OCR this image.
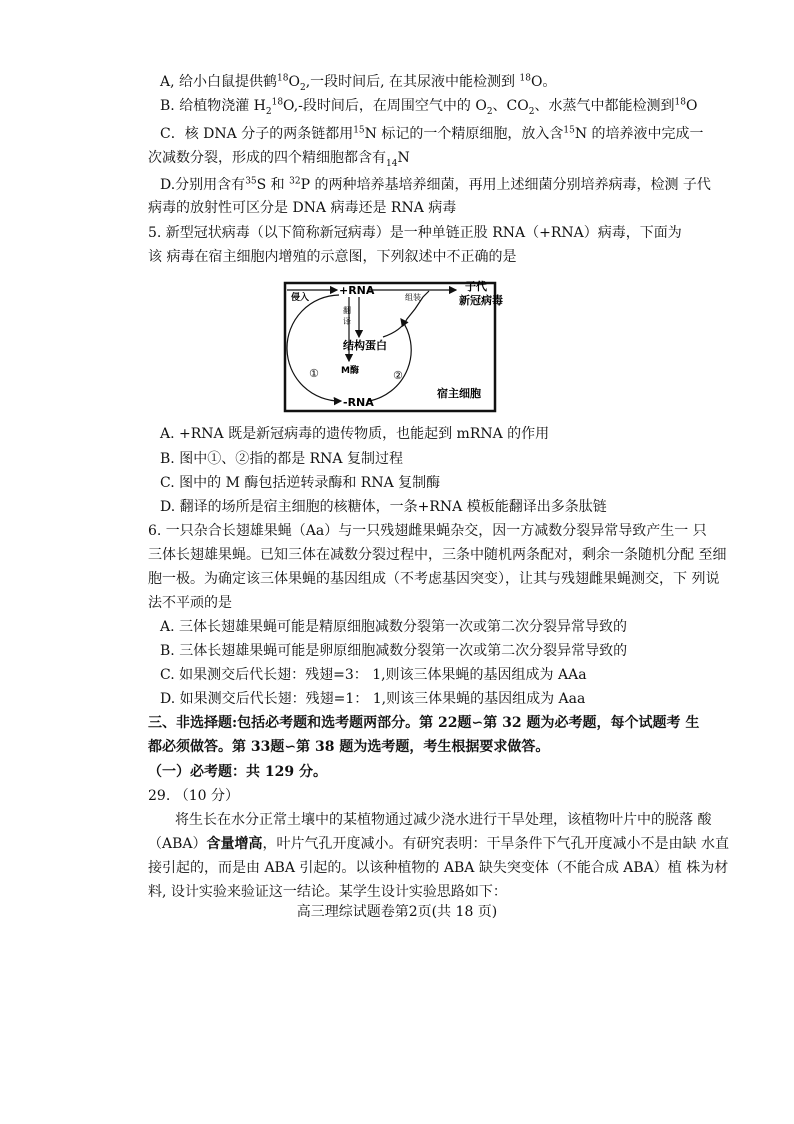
A, 给小白鼠提供鹤$^{18}O_2$,一段时间后, 在其尿液中能检测到 $^{18}$O。
B. 给植物浇灌 $H_2^{18}O,-$段时间后，在周围空气中的 $O_2$、$CO_2$、水蒸气中都能检测到$^{18}$O
C．核 DNA 分子的两条链都用$^{15}$N 标记的一个精原细胞，放入含$^{15}$N 的培养液中完成一
次减数分裂，形成的四个精细胞都含有$_{14}$N
D.分别用含有$^{35}$S 和 $^{32}$P 的两种培养基培养细菌，再用上述细菌分别培养病毒，检测 子代
病毒的放射性可区分是 DNA 病毒还是 RNA 病毒
5. 新型冠状病毒（以下简称新冠病毒）是一种单链正股 RNA（+RNA）病毒，下面为
该 病毒在宿主细胞内增殖的示意图，下列叙述中不正确的是
侵入
+RNA
组装
子代
新冠病毒
翻
译
结构蛋白
M酶
①	②
-RNA
宿主细胞
A. +RNA 既是新冠病毒的遗传物质，也能起到 mRNA 的作用
B. 图中①、②指的都是 RNA 复制过程
C. 图中的 M 酶包括逆转录酶和 RNA 复制酶
D. 翻译的场所是宿主细胞的核糖体，一条+RNA 模板能翻译出多条肽链
6. 一只杂合长翅雄果蝇（Aa）与一只残翅雌果蝇杂交，因一方减数分裂异常导致产生一 只
三体长翅雄果蝇。已知三体在减数分裂过程中，三条中随机两条配对，剩余一条随机分配 至细
胞一极。为确定该三体果蝇的基因组成（不考虑基因突变），让其与残翅雌果蝇测交，下 列说
法不平顽的是
A. 三体长翅雄果蝇可能是精原细胞减数分裂第一次或第二次分裂异常导致的
B. 三体长翅雄果蝇可能是卵原细胞减数分裂第一次或第二次分裂异常导致的
C. 如果测交后代长翅：残翅=3： 1,则该三体果蝇的基因组成为 AAa
D. 如果测交后代长翅：残翅=1： 1,则该三体果蝇的基因组成为 Aaa
三、非选择题:包括必考题和选考题两部分。第 22题∽第 32 题为必考题，每个试题考 生
都必须做答。第 33题∽第 38 题为选考题，考生根据要求做答。
（一）必考题：共 129 分。
29. （10 分）
将生长在水分正常土壤中的某植物通过减少浇水进行干旱处理，该植物叶片中的脱落 酸
（ABA）含量增高，叶片气孔开度减小。有研究表明：干旱条件下气孔开度减小不是由缺 水直
接引起的，而是由 ABA 引起的。以该种植物的 ABA 缺失突变体（不能合成 ABA）植 株为材
料, 设计实验来验证这一结论。某学生设计实验思路如下：
高三理综试题卷第2页(共 18 页)
